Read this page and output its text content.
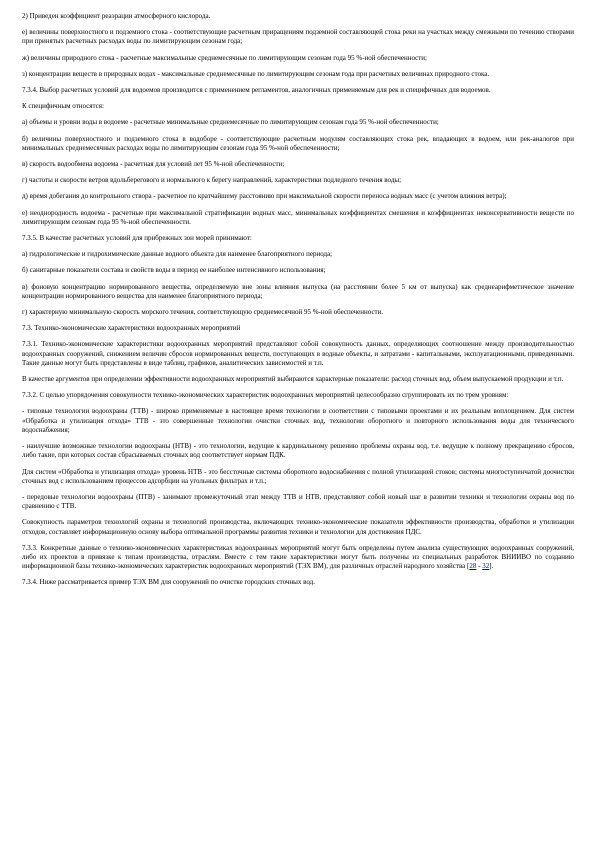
2) Приведен коэффициент реаэрации атмосферного кислорода.

е) величины поверхностного и подземного стока - соответствующие расчетным приращениям подземной составляющей стока реки на участках между смежными по течению створами при принятых расчетных расходах воды по лимитирующим сезонам года;

ж) величины природного стока - расчетные максимальные среднемесячные по лимитирующим сезонам года 95 %-ной обеспеченности;

з) концентрации веществ в природных водах - максимальные среднемесячные по лимитирующим сезонам года при расчетных величинах природного стока.

7.3.4. Выбор расчетных условий для водоемов производится с применением регламентов, аналогичных применяемым для рек и специфичных для водоемов.

К специфичным относятся:

а) объемы и уровни воды в водоеме - расчетные минимальные среднемесячные по лимитирующим сезонам года 95 %-ной обеспеченности;

б) величины поверхностного и подземного стока в водоборе - соответствующие расчетным модулям составляющих стока рек, впадающих в водоем, или рек-аналогов при минимальных среднемесячных расходах воды по лимитирующим сезонам года 95 %-ной обеспеченности;

в) скорость водообмена водоема - расчетная для условий лет 95 %-ной обеспеченности;

г) частоты и скорости ветров вдольберегового и нормального к берегу направлений, характеристики подледного течения воды;

д) время добегания до контрольного створа - расчетное по кратчайшему расстоянию при максимальной скорости переноса водных масс (с учетом влияния ветра);

е) неоднородность водоема - расчетные при максимальной стратификации водных масс, минимальных коэффициентах смешения и коэффициентах неконсервативности веществ по лимитирующим сезонам года 95 %-ной обеспеченности.

7.3.5. В качестве расчетных условий для прибрежных зон морей принимают:

а) гидрологические и гидрохимические данные водного объекта для наименее благоприятного периода;

б) санитарные показатели состава и свойств воды в период ее наиболее интенсивного использования;

в) фоновую концентрацию нормированного вещества, определяемую вне зоны влияния выпуска (на расстоянии более 5 км от выпуска) как среднеарифметическое значение концентрации нормированного вещества для наименее благоприятного периода;

г) характерную минимальную скорость морского течения, соответствующую среднемесячной 95 %-ной обеспеченности.

7.3. Технико-экономические характеристики водоохранных мероприятий

7.3.1. Технико-экономические характеристики водоохранных мероприятий представляют собой совокупность данных, определяющих соотношение между производительностью водоохранных сооружений, снижением величин сбросов нормированных веществ, поступающих в водные объекты, и затратами - капитальными, эксплуатационными, приведенными. Такие данные могут быть представлены в виде таблиц, графиков, аналитических зависимостей и т.п.

В качестве аргументов при определении эффективности водоохранных мероприятий выбираются характерные показатели: расход сточных вод, объем выпускаемой продукции и т.п.

7.3.2. С целью упорядочения совокупности технико-экономических характеристик водоохранных мероприятий целесообразно сгруппировать их по трем уровням:

- типовые технологии водоохраны (ТТВ) - широко применяемые в настоящее время технологии в соответствии с типовыми проектами и их реальным воплощением. Для систем «Обработка и утилизация отхода» ТТВ - это совершенные технологии очистки сточных вод, технологии оборотного и повторного использования воды для технического водоснабжения;

- наилучшие возможные технологии водоохраны (НТВ) - это технологии, ведущие к кардинальному решению проблемы охраны вод, т.е. ведущие к полному прекращению сбросов, либо такие, при которых состав сбрасываемых сточных вод соответствует нормам ПДК.

Для систем «Обработка и утилизация отхода» уровень НТВ - это бессточные системы оборотного водоснабжения с полной утилизацией стоков; системы многоступенчатой доочистки сточных вод с использованием процессов адсорбции на угольных фильтрах и т.п.;

- передовые технологии водоохраны (ПТВ) - занимают промежуточный этап между ТТВ и НТВ, представляют собой новый шаг в развитии техники и технологии охраны вод по сравнению с ТТВ.

Совокупность параметров технологий охраны и технологий производства, включающих технико-экономические показатели эффективности производства, обработки и утилизации отходов, составляет информационную основу выбора оптимальной программы развития техники и технологии для достижения ПДС.

7.3.3. Конкретные данные о технико-экономических характеристиках водоохранных мероприятий могут быть определены путем анализа существующих водоохранных сооружений, либо их проектов в привязке к типам производства, отраслям. Вместе с тем такие характеристики могут быть получены из специальных разработок ВНИИВО по созданию информационной базы технико-экономических характеристик водоохранных мероприятий (ТЭХ ВМ), для различных отраслей народного хозяйства [28 - 32].

7.3.4. Ниже рассматривается пример ТЭХ ВМ для сооружений по очистке городских сточных вод.
